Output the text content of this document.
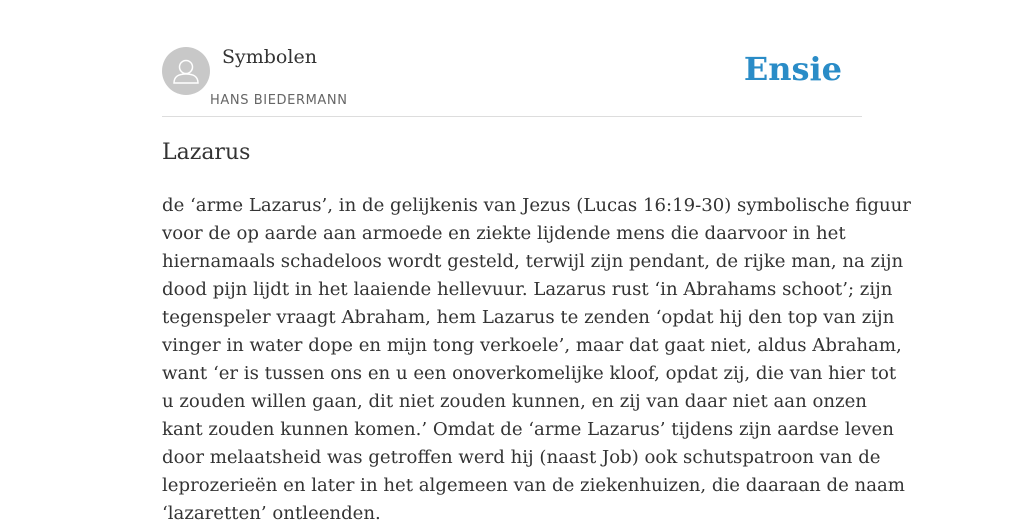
Symbolen
HANS BIEDERMANN
Ensie
Lazarus
de ‘arme Lazarus’, in de gelijkenis van Jezus (Lucas 16:19-30) symbolische figuur
voor de op aarde aan armoede en ziekte lijdende mens die daarvoor in het
hiernamaals schadeloos wordt gesteld, terwijl zijn pendant, de rijke man, na zijn
dood pijn lijdt in het laaiende hellevuur. Lazarus rust ‘in Abrahams schoot’; zijn
tegenspeler vraagt Abraham, hem Lazarus te zenden ‘opdat hij den top van zijn
vinger in water dope en mijn tong verkoele’, maar dat gaat niet, aldus Abraham,
want ‘er is tussen ons en u een onoverkomelijke kloof, opdat zij, die van hier tot
u zouden willen gaan, dit niet zouden kunnen, en zij van daar niet aan onzen
kant zouden kunnen komen.’ Omdat de ‘arme Lazarus’ tijdens zijn aardse leven
door melaatsheid was getroffen werd hij (naast Job) ook schutspatroon van de
leprozerieën en later in het algemeen van de ziekenhuizen, die daaraan de naam
‘lazaretten’ ontleenden.
